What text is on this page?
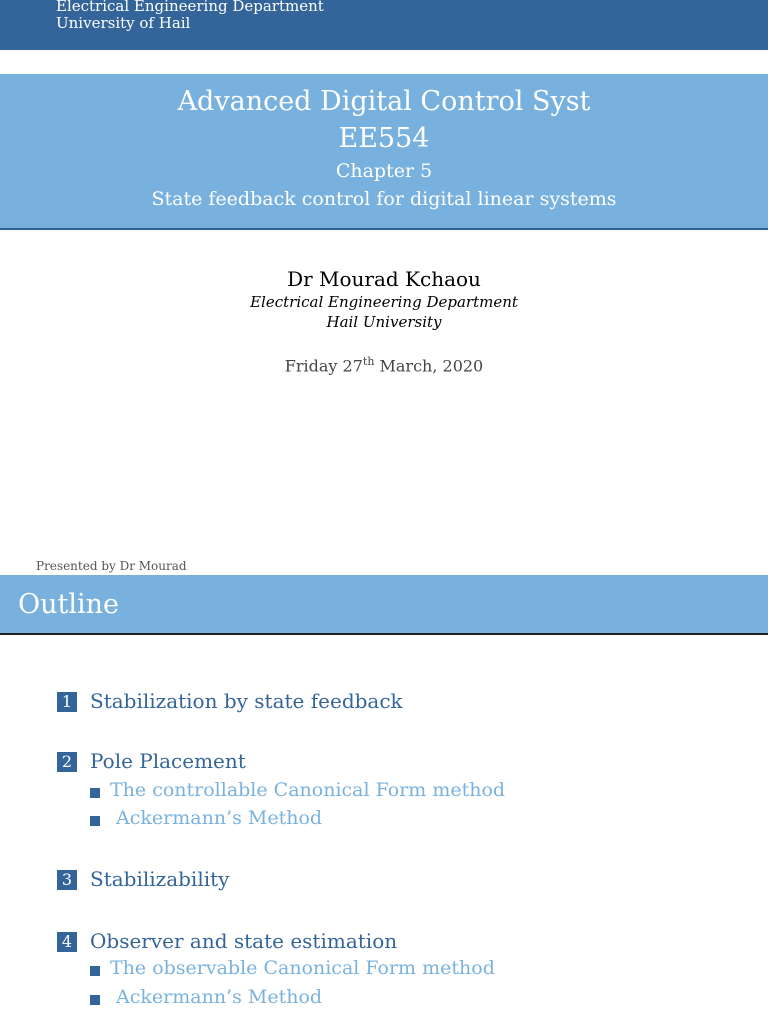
Electrical Engineering Department
University of Hail
Advanced Digital Control Syst
EE554
Chapter 5
State feedback control for digital linear systems
Dr Mourad Kchaou
Electrical Engineering Department
Hail University
Friday 27th March, 2020
Presented by Dr Mourad
Outline
1 Stabilization by state feedback
2 Pole Placement
The controllable Canonical Form method
Ackermann’s Method
3 Stabilizability
4 Observer and state estimation
The observable Canonical Form method
Ackermann’s Method
